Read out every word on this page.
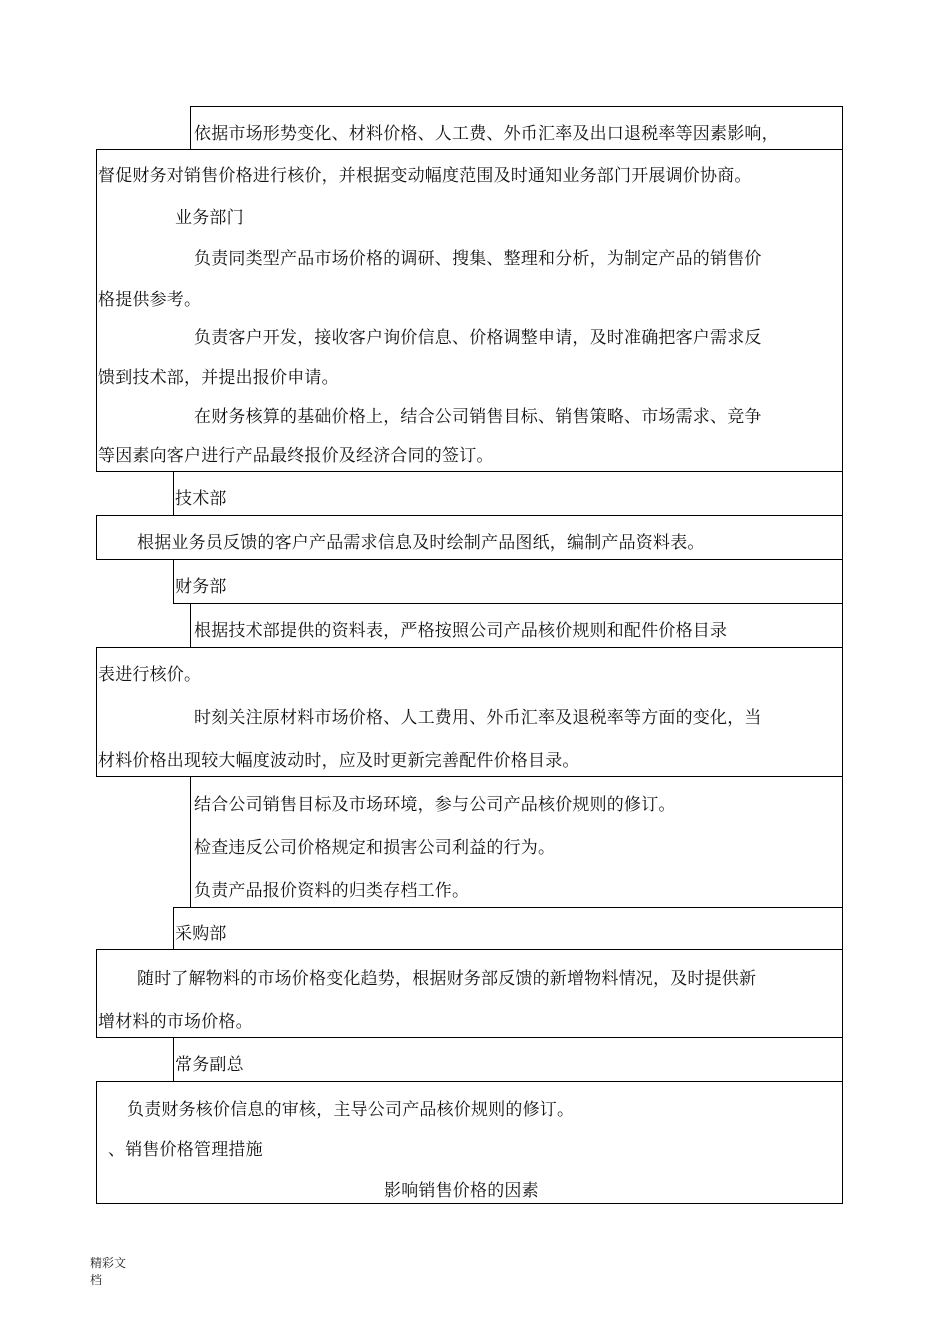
依据市场形势变化、材料价格、人工费、外币汇率及出口退税率等因素影响，
督促财务对销售价格进行核价，并根据变动幅度范围及时通知业务部门开展调价协商。
业务部门
负责同类型产品市场价格的调研、搜集、整理和分析，为制定产品的销售价
格提供参考。
负责客户开发，接收客户询价信息、价格调整申请，及时准确把客户需求反
馈到技术部，并提出报价申请。
在财务核算的基础价格上，结合公司销售目标、销售策略、市场需求、竞争
等因素向客户进行产品最终报价及经济合同的签订。
技术部
根据业务员反馈的客户产品需求信息及时绘制产品图纸，编制产品资料表。
财务部
根据技术部提供的资料表，严格按照公司产品核价规则和配件价格目录
表进行核价。
时刻关注原材料市场价格、人工费用、外币汇率及退税率等方面的变化，当
材料价格出现较大幅度波动时，应及时更新完善配件价格目录。
结合公司销售目标及市场环境，参与公司产品核价规则的修订。
检查违反公司价格规定和损害公司利益的行为。
负责产品报价资料的归类存档工作。
采购部
随时了解物料的市场价格变化趋势，根据财务部反馈的新增物料情况，及时提供新
增材料的市场价格。
常务副总
负责财务核价信息的审核，主导公司产品核价规则的修订。
、销售价格管理措施
影响销售价格的因素
精彩文
档
